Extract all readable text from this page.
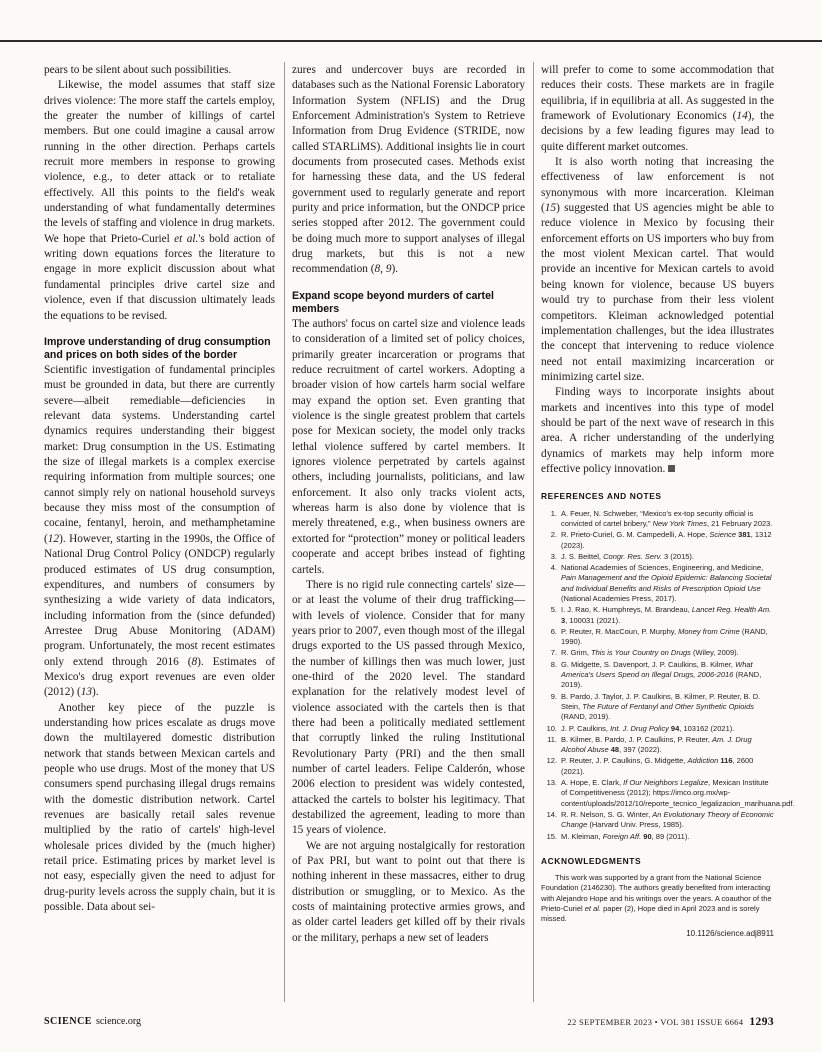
pears to be silent about such possibilities.

Likewise, the model assumes that staff size drives violence: The more staff the cartels employ, the greater the number of killings of cartel members. But one could imagine a causal arrow running in the other direction. Perhaps cartels recruit more members in response to growing violence, e.g., to deter attack or to retaliate effectively. All this points to the field's weak understanding of what fundamentally determines the levels of staffing and violence in drug markets. We hope that Prieto-Curiel et al.'s bold action of writing down equations forces the literature to engage in more explicit discussion about what fundamental principles drive cartel size and violence, even if that discussion ultimately leads the equations to be revised.

Improve understanding of drug consumption and prices on both sides of the border

Scientific investigation of fundamental principles must be grounded in data, but there are currently severe—albeit remediable—deficiencies in relevant data systems. Understanding cartel dynamics requires understanding their biggest market: Drug consumption in the US. Estimating the size of illegal markets is a complex exercise requiring information from multiple sources; one cannot simply rely on national household surveys because they miss most of the consumption of cocaine, fentanyl, heroin, and methamphetamine (12). However, starting in the 1990s, the Office of National Drug Control Policy (ONDCP) regularly produced estimates of US drug consumption, expenditures, and numbers of consumers by synthesizing a wide variety of data indicators, including information from the (since defunded) Arrestee Drug Abuse Monitoring (ADAM) program. Unfortunately, the most recent estimates only extend through 2016 (8). Estimates of Mexico's drug export revenues are even older (2012) (13).

Another key piece of the puzzle is understanding how prices escalate as drugs move down the multilayered domestic distribution network that stands between Mexican cartels and people who use drugs. Most of the money that US consumers spend purchasing illegal drugs remains with the domestic distribution network. Cartel revenues are basically retail sales revenue multiplied by the ratio of cartels' high-level wholesale prices divided by the (much higher) retail price. Estimating prices by market level is not easy, especially given the need to adjust for drug-purity levels across the supply chain, but it is possible. Data about sei-

zures and undercover buys are recorded in databases such as the National Forensic Laboratory Information System (NFLIS) and the Drug Enforcement Administration's System to Retrieve Information from Drug Evidence (STRIDE, now called STARLiMS). Additional insights lie in court documents from prosecuted cases. Methods exist for harnessing these data, and the US federal government used to regularly generate and report purity and price information, but the ONDCP price series stopped after 2012. The government could be doing much more to support analyses of illegal drug markets, but this is not a new recommendation (8, 9).

Expand scope beyond murders of cartel members

The authors' focus on cartel size and violence leads to consideration of a limited set of policy choices, primarily greater incarceration or programs that reduce recruitment of cartel workers. Adopting a broader vision of how cartels harm social welfare may expand the option set. Even granting that violence is the single greatest problem that cartels pose for Mexican society, the model only tracks lethal violence suffered by cartel members. It ignores violence perpetrated by cartels against others, including journalists, politicians, and law enforcement. It also only tracks violent acts, whereas harm is also done by violence that is merely threatened, e.g., when business owners are extorted for “protection” money or political leaders cooperate and accept bribes instead of fighting cartels.

There is no rigid rule connecting cartels' size—or at least the volume of their drug trafficking—with levels of violence. Consider that for many years prior to 2007, even though most of the illegal drugs exported to the US passed through Mexico, the number of killings then was much lower, just one-third of the 2020 level. The standard explanation for the relatively modest level of violence associated with the cartels then is that there had been a politically mediated settlement that corruptly linked the ruling Institutional Revolutionary Party (PRI) and the then small number of cartel leaders. Felipe Calderón, whose 2006 election to president was widely contested, attacked the cartels to bolster his legitimacy. That destabilized the agreement, leading to more than 15 years of violence.

We are not arguing nostalgically for restoration of Pax PRI, but want to point out that there is nothing inherent in these massacres, either to drug distribution or smuggling, or to Mexico. As the costs of maintaining protective armies grows, and as older cartel leaders get killed off by their rivals or the military, perhaps a new set of leaders

will prefer to come to some accommodation that reduces their costs. These markets are in fragile equilibria, if in equilibria at all. As suggested in the framework of Evolutionary Economics (14), the decisions by a few leading figures may lead to quite different market outcomes.

It is also worth noting that increasing the effectiveness of law enforcement is not synonymous with more incarceration. Kleiman (15) suggested that US agencies might be able to reduce violence in Mexico by focusing their enforcement efforts on US importers who buy from the most violent Mexican cartel. That would provide an incentive for Mexican cartels to avoid being known for violence, because US buyers would try to purchase from their less violent competitors. Kleiman acknowledged potential implementation challenges, but the idea illustrates the concept that intervening to reduce violence need not entail maximizing incarceration or minimizing cartel size.

Finding ways to incorporate insights about markets and incentives into this type of model should be part of the next wave of research in this area. A richer understanding of the underlying dynamics of markets may help inform more effective policy innovation.

REFERENCES AND NOTES
1. A. Feuer, N. Schweber, “Mexico's ex-top security official is convicted of cartel bribery,” New York Times, 21 February 2023.
2. R. Prieto-Curiel, G. M. Campedelli, A. Hope, Science 381, 1312 (2023).
3. J. S. Beittel, Congr. Res. Serv. 3 (2015).
4. National Academies of Sciences, Engineering, and Medicine, Pain Management and the Opioid Epidemic: Balancing Societal and Individual Benefits and Risks of Prescription Opioid Use (National Academies Press, 2017).
5. I. J. Rao, K. Humphreys, M. Brandeau, Lancet Reg. Health Am. 3, 100031 (2021).
6. P. Reuter, R. MacCoun, P. Murphy, Money from Crime (RAND, 1990).
7. R. Grim, This is Your Country on Drugs (Wiley, 2009).
8. G. Midgette, S. Davenport, J. P. Caulkins, B. Kilmer, What America's Users Spend on Illegal Drugs, 2006-2016 (RAND, 2019).
9. B. Pardo, J. Taylor, J. P. Caulkins, B. Kilmer, P. Reuter, B. D. Stein, The Future of Fentanyl and Other Synthetic Opioids (RAND, 2019).
10. J. P. Caulkins, Int. J. Drug Policy 94, 103162 (2021).
11. B. Kilmer, B. Pardo, J. P. Caulkins, P. Reuter, Am. J. Drug Alcohol Abuse 48, 397 (2022).
12. P. Reuter, J. P. Caulkins, G. Midgette, Addiction 116, 2600 (2021).
13. A. Hope, E. Clark, If Our Neighbors Legalize, Mexican Institute of Competitiveness (2012); https://imco.org.mx/wp-content/uploads/2012/10/reporte_tecnico_legalizacion_marihuana.pdf.
14. R. R. Nelson, S. G. Winter, An Evolutionary Theory of Economic Change (Harvard Univ. Press, 1985).
15. M. Kleiman, Foreign Aff. 90, 89 (2011).
ACKNOWLEDGMENTS

This work was supported by a grant from the National Science Foundation (2146230). The authors greatly benefited from interacting with Alejandro Hope and his writings over the years. A coauthor of the Prieto-Curiel et al. paper (2), Hope died in April 2023 and is sorely missed.

10.1126/science.adj8911
SCIENCE science.org	22 SEPTEMBER 2023 • VOL 381 ISSUE 6664 1293
